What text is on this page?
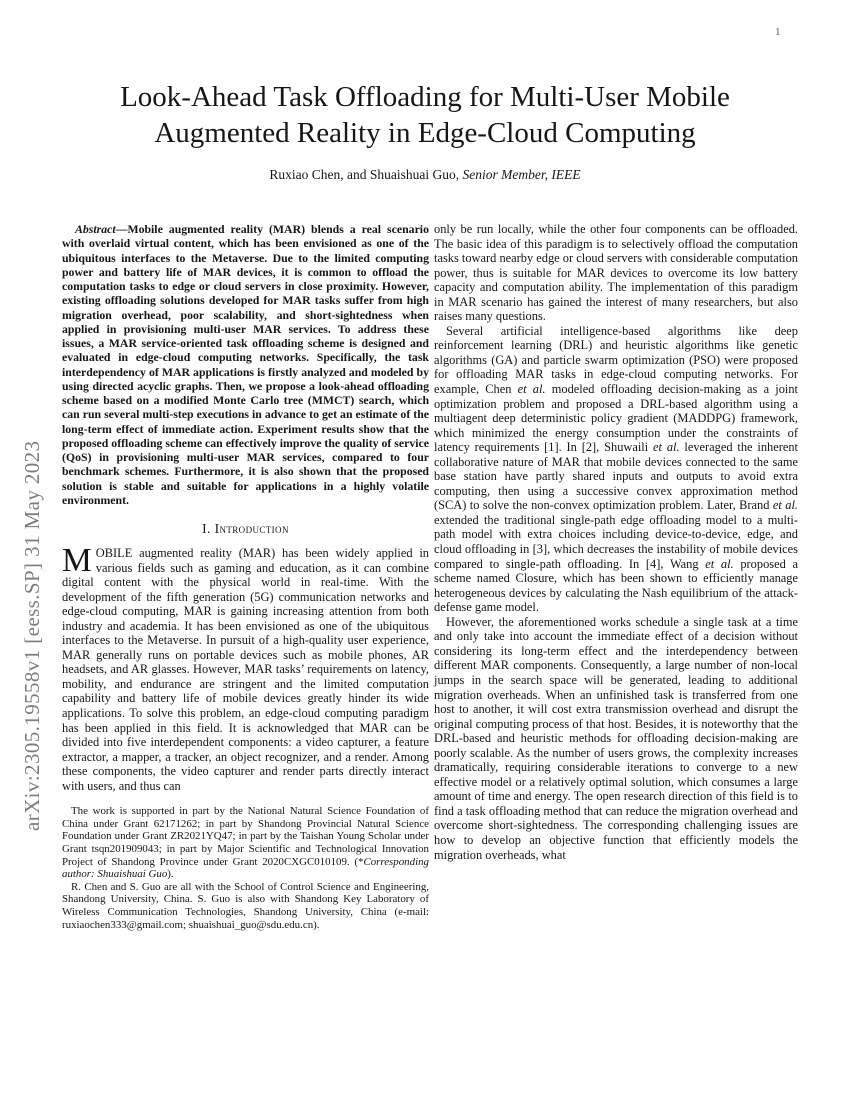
1
arXiv:2305.19558v1 [eess.SP] 31 May 2023
Look-Ahead Task Offloading for Multi-User Mobile
Augmented Reality in Edge-Cloud Computing
Ruxiao Chen, and Shuaishuai Guo, Senior Member, IEEE

Abstract—Mobile augmented reality (MAR) blends a real scenario with overlaid virtual content, which has been envisioned as one of the ubiquitous interfaces to the Metaverse. Due to the limited computing power and battery life of MAR devices, it is common to offload the computation tasks to edge or cloud servers in close proximity. However, existing offloading solutions developed for MAR tasks suffer from high migration overhead, poor scalability, and short-sightedness when applied in provisioning multi-user MAR services. To address these issues, a MAR service-oriented task offloading scheme is designed and evaluated in edge-cloud computing networks. Specifically, the task interdependency of MAR applications is firstly analyzed and modeled by using directed acyclic graphs. Then, we propose a look-ahead offloading scheme based on a modified Monte Carlo tree (MMCT) search, which can run several multi-step executions in advance to get an estimate of the long-term effect of immediate action. Experiment results show that the proposed offloading scheme can effectively improve the quality of service (QoS) in provisioning multi-user MAR services, compared to four benchmark schemes. Furthermore, it is also shown that the proposed solution is stable and suitable for applications in a highly volatile environment.

I. Introduction

MOBILE augmented reality (MAR) has been widely applied in various fields such as gaming and education, as it can combine digital content with the physical world in real-time. With the development of the fifth generation (5G) communication networks and edge-cloud computing, MAR is gaining increasing attention from both industry and academia. It has been envisioned as one of the ubiquitous interfaces to the Metaverse. In pursuit of a high-quality user experience, MAR generally runs on portable devices such as mobile phones, AR headsets, and AR glasses. However, MAR tasks’ requirements on latency, mobility, and endurance are stringent and the limited computation capability and battery life of mobile devices greatly hinder its wide applications. To solve this problem, an edge-cloud computing paradigm has been applied in this field. It is acknowledged that MAR can be divided into five interdependent components: a video capturer, a feature extractor, a mapper, a tracker, an object recognizer, and a render. Among these components, the video capturer and render parts directly interact with users, and thus can

The work is supported in part by the National Natural Science Foundation of China under Grant 62171262; in part by Shandong Provincial Natural Science Foundation under Grant ZR2021YQ47; in part by the Taishan Young Scholar under Grant tsqn201909043; in part by Major Scientific and Technological Innovation Project of Shandong Province under Grant 2020CXGC010109. (*Corresponding author: Shuaishuai Guo).

R. Chen and S. Guo are all with the School of Control Science and Engineering, Shandong University, China. S. Guo is also with Shandong Key Laboratory of Wireless Communication Technologies, Shandong University, China (e-mail: ruxiaochen333@gmail.com; shuaishuai_guo@sdu.edu.cn).

only be run locally, while the other four components can be offloaded. The basic idea of this paradigm is to selectively offload the computation tasks toward nearby edge or cloud servers with considerable computation power, thus is suitable for MAR devices to overcome its low battery capacity and computation ability. The implementation of this paradigm in MAR scenario has gained the interest of many researchers, but also raises many questions.

Several artificial intelligence-based algorithms like deep reinforcement learning (DRL) and heuristic algorithms like genetic algorithms (GA) and particle swarm optimization (PSO) were proposed for offloading MAR tasks in edge-cloud computing networks. For example, Chen et al. modeled offloading decision-making as a joint optimization problem and proposed a DRL-based algorithm using a multiagent deep deterministic policy gradient (MADDPG) framework, which minimized the energy consumption under the constraints of latency requirements [1]. In [2], Shuwaili et al. leveraged the inherent collaborative nature of MAR that mobile devices connected to the same base station have partly shared inputs and outputs to avoid extra computing, then using a successive convex approximation method (SCA) to solve the non-convex optimization problem. Later, Brand et al. extended the traditional single-path edge offloading model to a multi-path model with extra choices including device-to-device, edge, and cloud offloading in [3], which decreases the instability of mobile devices compared to single-path offloading. In [4], Wang et al. proposed a scheme named Closure, which has been shown to efficiently manage heterogeneous devices by calculating the Nash equilibrium of the attack-defense game model.

However, the aforementioned works schedule a single task at a time and only take into account the immediate effect of a decision without considering its long-term effect and the interdependency between different MAR components. Consequently, a large number of non-local jumps in the search space will be generated, leading to additional migration overheads. When an unfinished task is transferred from one host to another, it will cost extra transmission overhead and disrupt the original computing process of that host. Besides, it is noteworthy that the DRL-based and heuristic methods for offloading decision-making are poorly scalable. As the number of users grows, the complexity increases dramatically, requiring considerable iterations to converge to a new effective model or a relatively optimal solution, which consumes a large amount of time and energy. The open research direction of this field is to find a task offloading method that can reduce the migration overhead and overcome short-sightedness. The corresponding challenging issues are how to develop an objective function that efficiently models the migration overheads, what
